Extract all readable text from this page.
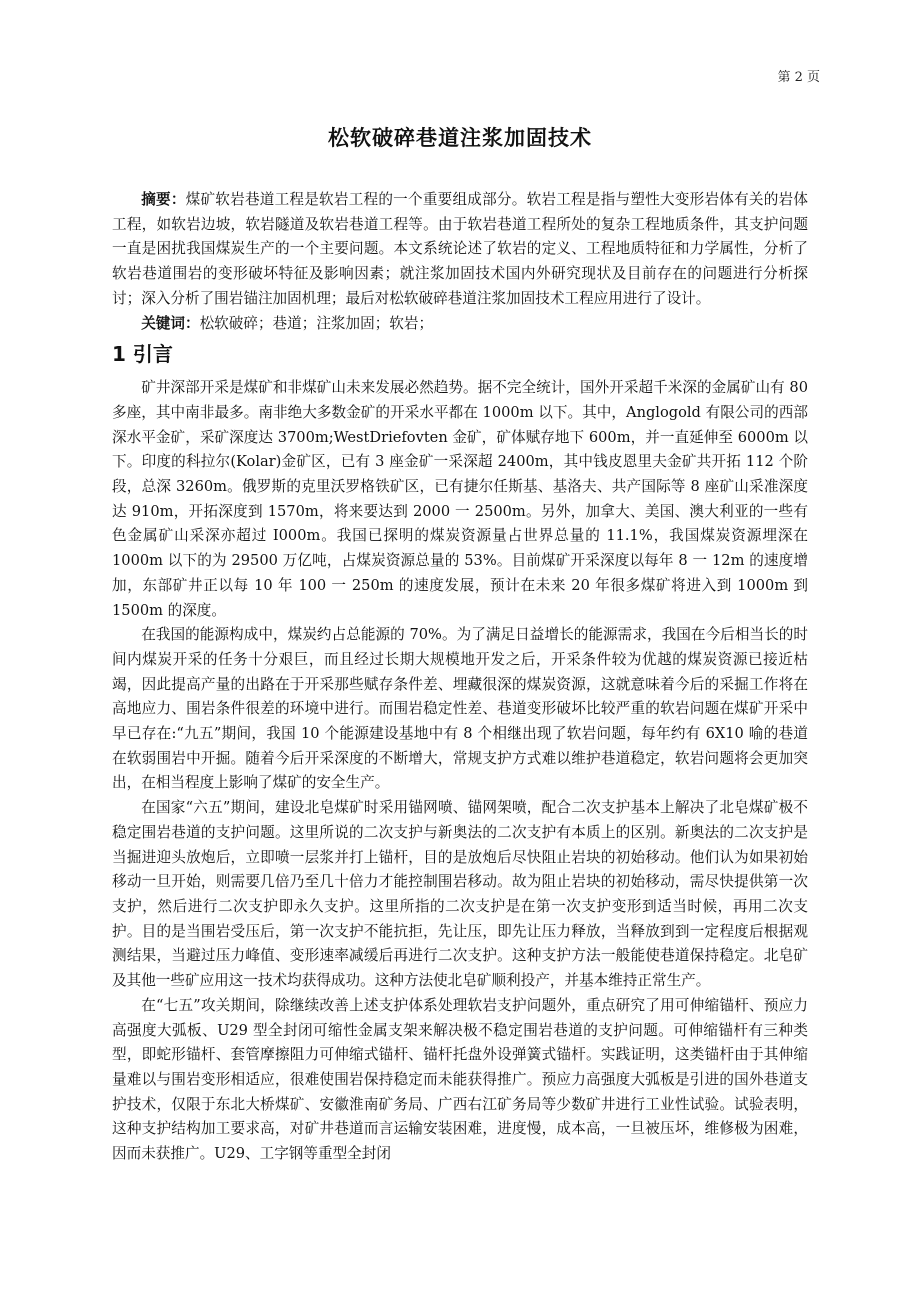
第 2 页
松软破碎巷道注浆加固技术

摘要：煤矿软岩巷道工程是软岩工程的一个重要组成部分。软岩工程是指与塑性大变形岩体有关的岩体工程，如软岩边坡，软岩隧道及软岩巷道工程等。由于软岩巷道工程所处的复杂工程地质条件，其支护问题一直是困扰我国煤炭生产的一个主要问题。本文系统论述了软岩的定义、工程地质特征和力学属性，分析了软岩巷道围岩的变形破坏特征及影响因素；就注浆加固技术国内外研究现状及目前存在的问题进行分析探讨；深入分析了围岩锚注加固机理；最后对松软破碎巷道注浆加固技术工程应用进行了设计。

关键词：松软破碎；巷道；注浆加固；软岩；

1 引言

矿井深部开采是煤矿和非煤矿山未来发展必然趋势。据不完全统计，国外开采超千米深的金属矿山有 80 多座，其中南非最多。南非绝大多数金矿的开采水平都在 1000m 以下。其中，Anglogold 有限公司的西部深水平金矿，采矿深度达 3700m;WestDriefovten 金矿，矿体赋存地下 600m，并一直延伸至 6000m 以下。印度的科拉尔(Kolar)金矿区，已有 3 座金矿一采深超 2400m，其中钱皮恩里夫金矿共开拓 112 个阶段，总深 3260m。俄罗斯的克里沃罗格铁矿区，已有捷尔任斯基、基洛夫、共产国际等 8 座矿山采准深度达 910m，开拓深度到 1570m，将来要达到 2000 一 2500m。另外，加拿大、美国、澳大利亚的一些有色金属矿山采深亦超过 I000m。我国已探明的煤炭资源量占世界总量的 11.1%，我国煤炭资源埋深在 1000m 以下的为 29500 万亿吨，占煤炭资源总量的 53%。目前煤矿开采深度以每年 8 一 12m 的速度增加，东部矿井正以每 10 年 100 一 250m 的速度发展，预计在未来 20 年很多煤矿将进入到 1000m 到 1500m 的深度。

在我国的能源构成中，煤炭约占总能源的 70%。为了满足日益增长的能源需求，我国在今后相当长的时间内煤炭开采的任务十分艰巨，而且经过长期大规模地开发之后，开采条件较为优越的煤炭资源已接近枯竭，因此提高产量的出路在于开采那些赋存条件差、埋藏很深的煤炭资源，这就意味着今后的采掘工作将在高地应力、围岩条件很差的环境中进行。而围岩稳定性差、巷道变形破坏比较严重的软岩问题在煤矿开采中早已存在:“九五”期间，我国 10 个能源建设基地中有 8 个相继出现了软岩问题，每年约有 6X10 喻的巷道在软弱围岩中开掘。随着今后开采深度的不断增大，常规支护方式难以维护巷道稳定，软岩问题将会更加突出，在相当程度上影响了煤矿的安全生产。

在国家“六五”期间，建设北皂煤矿时采用锚网喷、锚网架喷，配合二次支护基本上解决了北皂煤矿极不稳定围岩巷道的支护问题。这里所说的二次支护与新奥法的二次支护有本质上的区别。新奥法的二次支护是当掘进迎头放炮后，立即喷一层浆并打上锚杆，目的是放炮后尽快阻止岩块的初始移动。他们认为如果初始移动一旦开始，则需要几倍乃至几十倍力才能控制围岩移动。故为阻止岩块的初始移动，需尽快提供第一次支护，然后进行二次支护即永久支护。这里所指的二次支护是在第一次支护变形到适当时候，再用二次支护。目的是当围岩受压后，第一次支护不能抗拒，先让压，即先让压力释放，当释放到到一定程度后根据观测结果，当避过压力峰值、变形速率减缓后再进行二次支护。这种支护方法一般能使巷道保持稳定。北皂矿及其他一些矿应用这一技术均获得成功。这种方法使北皂矿顺利投产，并基本维持正常生产。

在“七五”攻关期间，除继续改善上述支护体系处理软岩支护问题外，重点研究了用可伸缩锚杆、预应力高强度大弧板、U29 型全封闭可缩性金属支架来解决极不稳定围岩巷道的支护问题。可伸缩锚杆有三种类型，即蛇形锚杆、套管摩擦阻力可伸缩式锚杆、锚杆托盘外设弹簧式锚杆。实践证明，这类锚杆由于其伸缩量难以与围岩变形相适应，很难使围岩保持稳定而未能获得推广。预应力高强度大弧板是引进的国外巷道支护技术，仅限于东北大桥煤矿、安徽淮南矿务局、广西右江矿务局等少数矿井进行工业性试验。试验表明，这种支护结构加工要求高，对矿井巷道而言运输安装困难，进度慢，成本高，一旦被压坏，维修极为困难，因而未获推广。U29、工字钢等重型全封闭
